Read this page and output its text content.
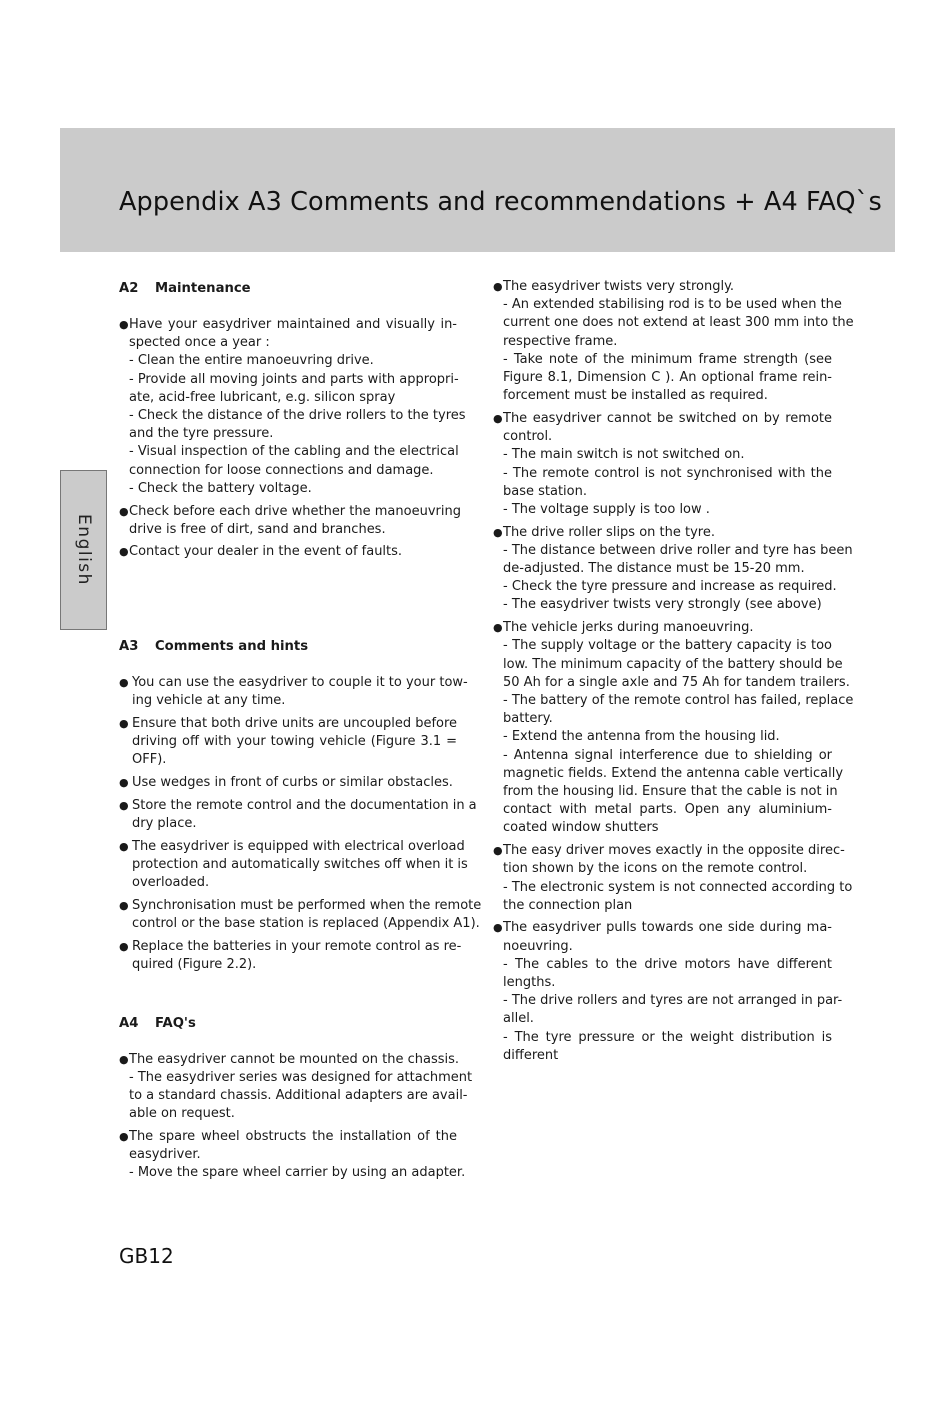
Appendix A3 Comments and recommendations + A4 FAQ`s
English
A2 Maintenance
● Have your easydriver maintained and visually in-
spected once a year :
- Clean the entire manoeuvring drive.
- Provide all moving joints and parts with appropri-
ate, acid-free lubricant, e.g. silicon spray
- Check the distance of the drive rollers to the tyres
and the tyre pressure.
- Visual inspection of the cabling and the electrical
connection for loose connections and damage.
- Check the battery voltage.
● Check before each drive whether the manoeuvring
drive is free of dirt, sand and branches.
● Contact your dealer in the event of faults.
A3 Comments and hints
● You can use the easydriver to couple it to your tow-
ing vehicle at any time.
● Ensure that both drive units are uncoupled before
driving off with your towing vehicle (Figure 3.1 =
OFF).
● Use wedges in front of curbs or similar obstacles.
● Store the remote control and the documentation in a
dry place.
● The easydriver is equipped with electrical overload
protection and automatically switches off when it is
overloaded.
● Synchronisation must be performed when the remote
control or the base station is replaced (Appendix A1).
● Replace the batteries in your remote control as re-
quired (Figure 2.2).
A4 FAQ's
● The easydriver cannot be mounted on the chassis.
- The easydriver series was designed for attachment
to a standard chassis. Additional adapters are avail-
able on request.
● The spare wheel obstructs the installation of the
easydriver.
- Move the spare wheel carrier by using an adapter.
● The easydriver twists very strongly.
- An extended stabilising rod is to be used when the
current one does not extend at least 300 mm into the
respective frame.
- Take note of the minimum frame strength (see
Figure 8.1, Dimension C ). An optional frame rein-
forcement must be installed as required.
● The easydriver cannot be switched on by remote
control.
- The main switch is not switched on.
- The remote control is not synchronised with the
base station.
- The voltage supply is too low .
● The drive roller slips on the tyre.
- The distance between drive roller and tyre has been
de-adjusted. The distance must be 15-20 mm.
- Check the tyre pressure and increase as required.
- The easydriver twists very strongly (see above)
● The vehicle jerks during manoeuvring.
- The supply voltage or the battery capacity is too
low. The minimum capacity of the battery should be
50 Ah for a single axle and 75 Ah for tandem trailers.
- The battery of the remote control has failed, replace
battery.
- Extend the antenna from the housing lid.
- Antenna signal interference due to shielding or
magnetic fields. Extend the antenna cable vertically
from the housing lid. Ensure that the cable is not in
contact with metal parts. Open any aluminium-
coated window shutters
● The easy driver moves exactly in the opposite direc-
tion shown by the icons on the remote control.
- The electronic system is not connected according to
the connection plan
● The easydriver pulls towards one side during ma-
noeuvring.
- The cables to the drive motors have different
lengths.
- The drive rollers and tyres are not arranged in par-
allel.
- The tyre pressure or the weight distribution is
different
GB12
